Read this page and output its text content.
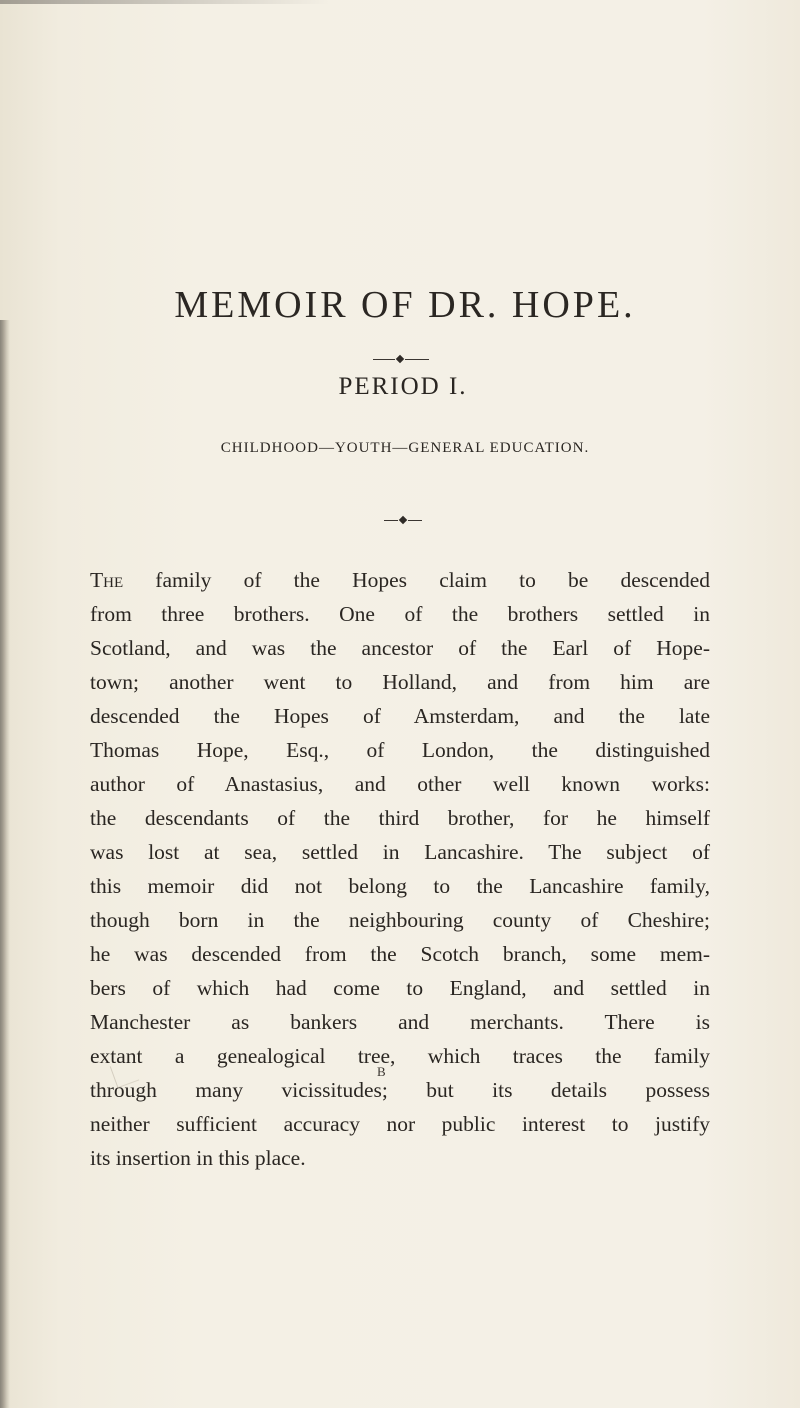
MEMOIR OF DR. HOPE.
PERIOD I.
CHILDHOOD—YOUTH—GENERAL EDUCATION.
The family of the Hopes claim to be descended
from three brothers. One of the brothers settled in
Scotland, and was the ancestor of the Earl of Hope-
town; another went to Holland, and from him are
descended the Hopes of Amsterdam, and the late
Thomas Hope, Esq., of London, the distinguished
author of Anastasius, and other well known works:
the descendants of the third brother, for he himself
was lost at sea, settled in Lancashire. The subject of
this memoir did not belong to the Lancashire family,
though born in the neighbouring county of Cheshire;
he was descended from the Scotch branch, some mem-
bers of which had come to England, and settled in
Manchester as bankers and merchants. There is
extant a genealogical tree, which traces the family
through many vicissitudes; but its details possess
neither sufficient accuracy nor public interest to justify
its insertion in this place.
B
